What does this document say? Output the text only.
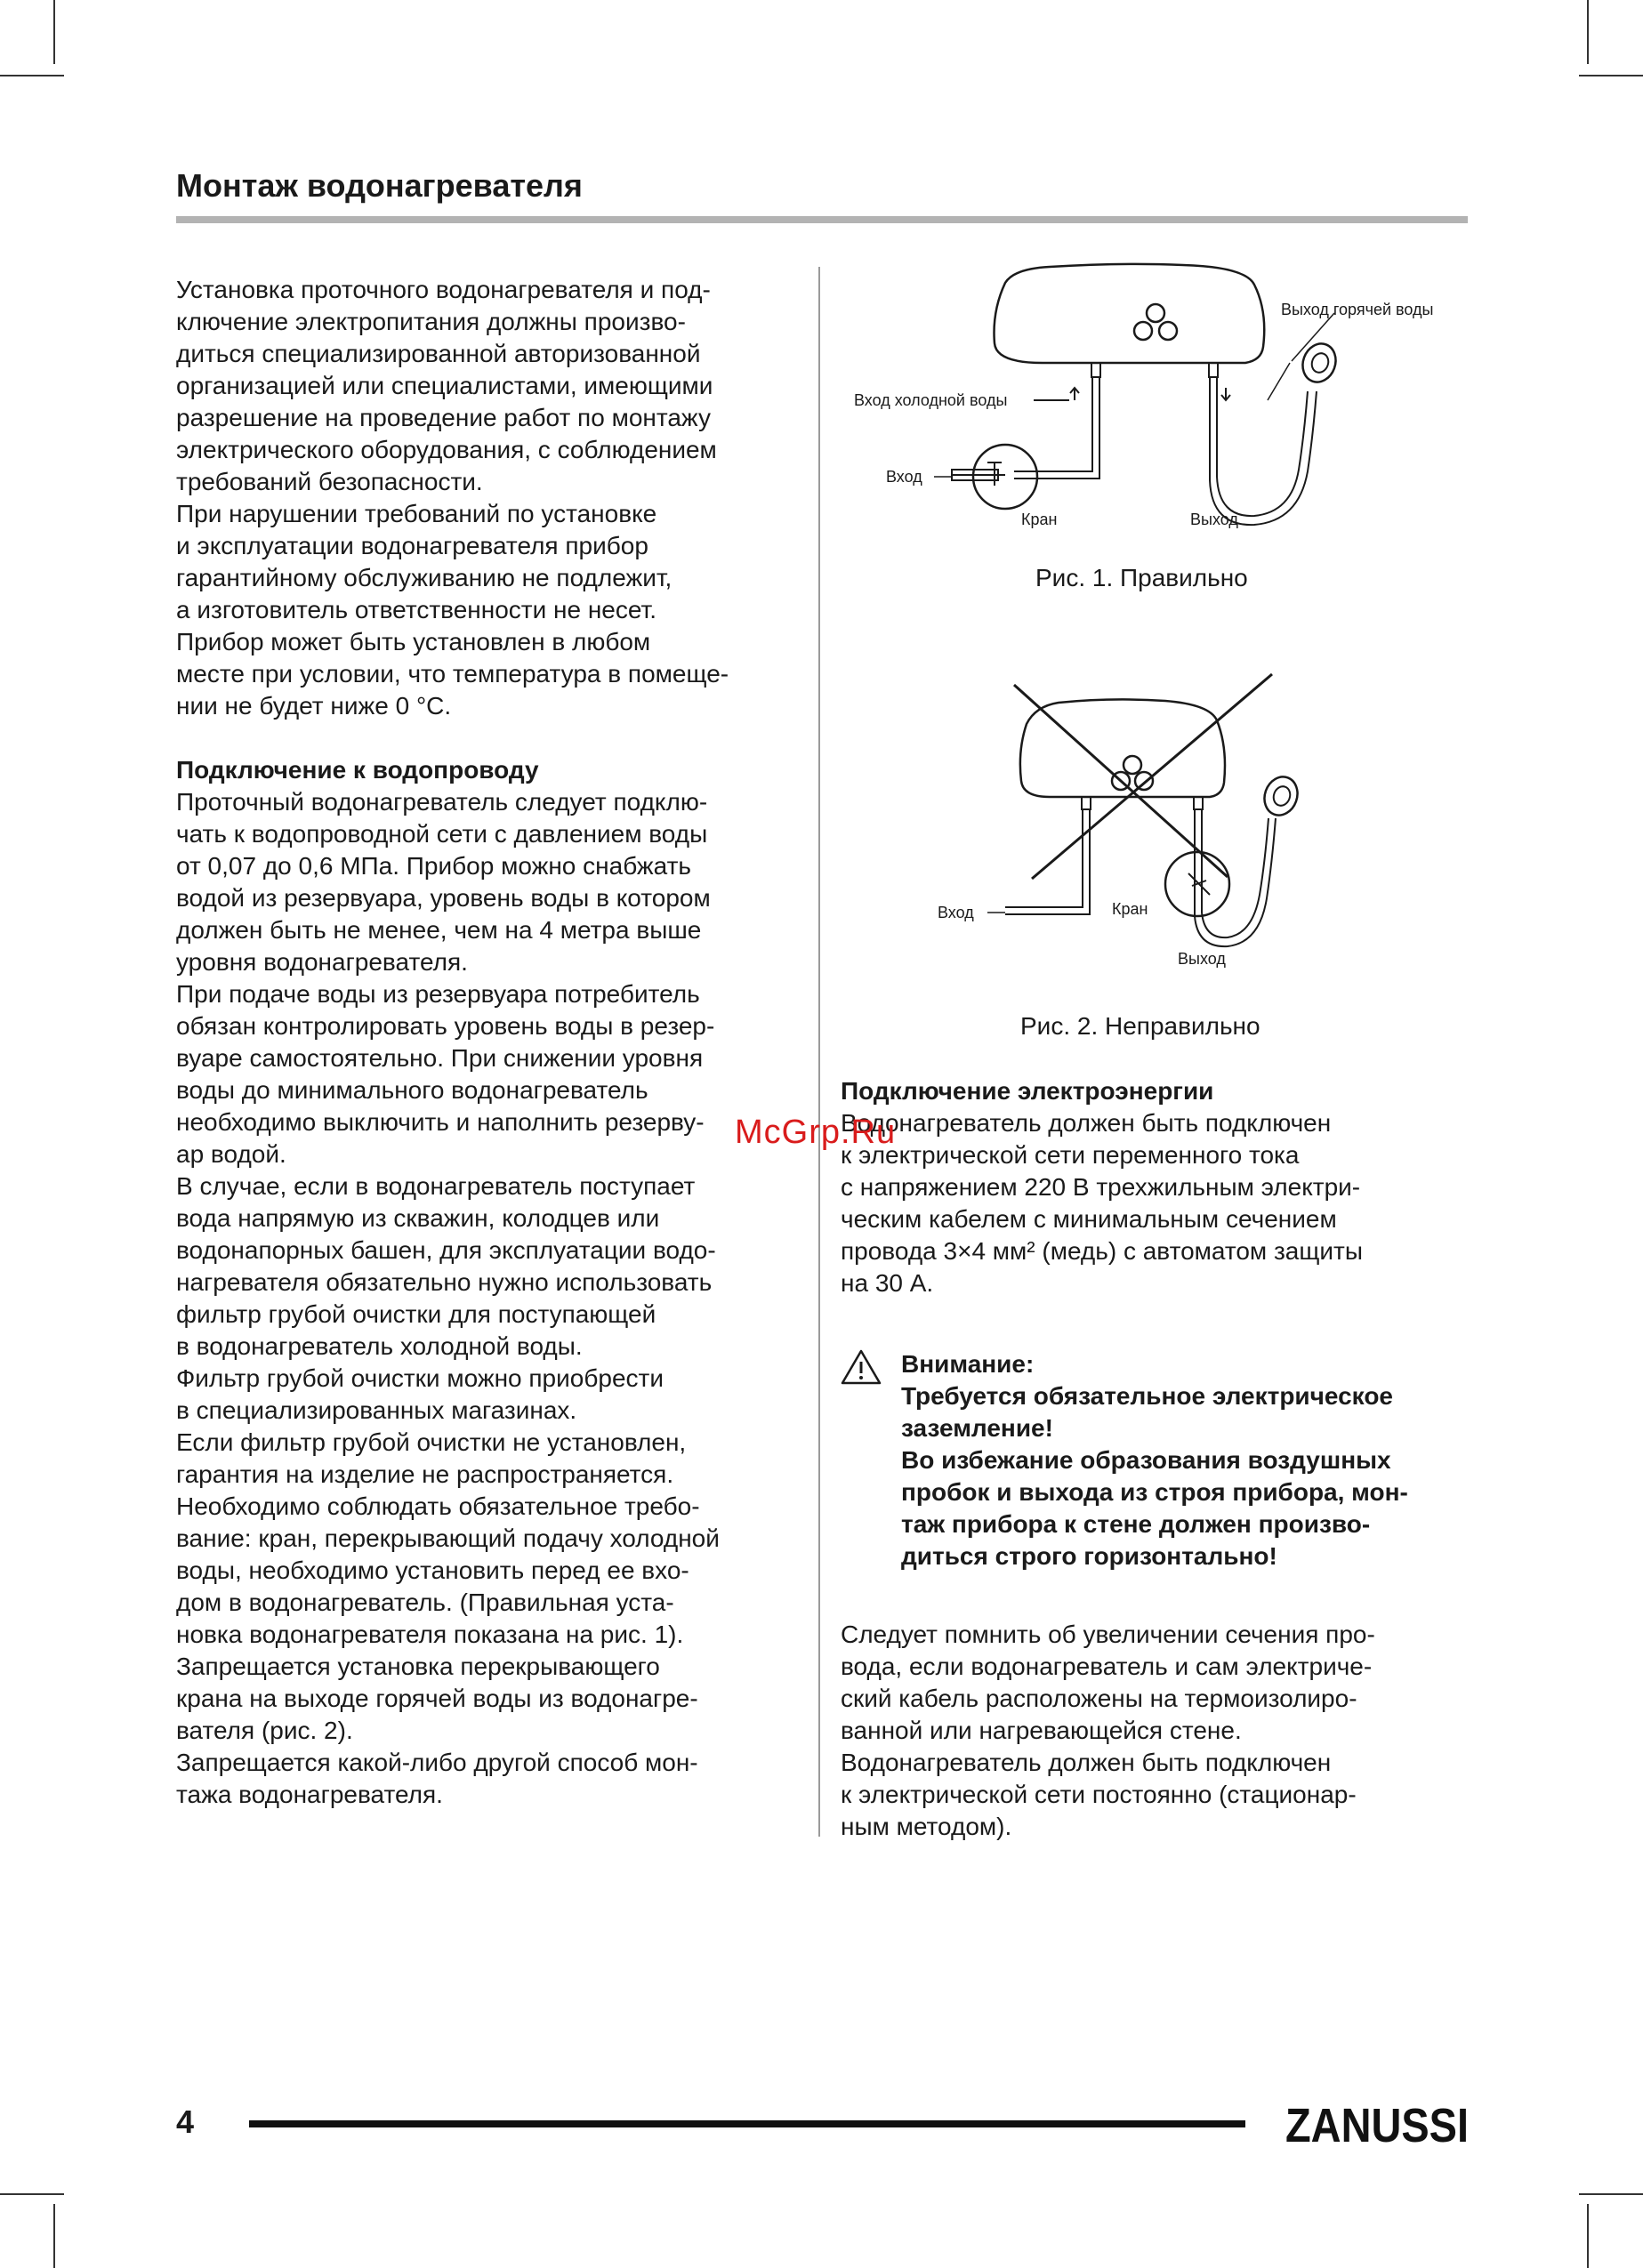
Монтаж водонагревателя

Установка проточного водонагревателя и под-
ключение электропитания должны произво-
диться специализированной авторизованной
организацией или специалистами, имеющими
разрешение на проведение работ по монтажу
электрического оборудования, с соблюдением
требований безопасности.
При нарушении требований по установке
и эксплуатации водонагревателя прибор
гарантийному обслуживанию не подлежит,
а изготовитель ответственности не несет.
Прибор может быть установлен в любом
месте при условии, что температура в помеще-
нии не будет ниже 0 °С.

Подключение к водопроводу

Проточный водонагреватель следует подклю-
чать к водопроводной сети с давлением воды
от 0,07 до 0,6 МПа. Прибор можно снабжать
водой из резервуара, уровень воды в котором
должен быть не менее, чем на 4 метра выше
уровня водонагревателя.
При подаче воды из резервуара потребитель
обязан контролировать уровень воды в резер-
вуаре самостоятельно. При снижении уровня
воды до минимального водонагреватель
необходимо выключить и наполнить резерву-
ар водой.
В случае, если в водонагреватель поступает
вода напрямую из скважин, колодцев или
водонапорных башен, для эксплуатации водо-
нагревателя обязательно нужно использовать
фильтр грубой очистки для поступающей
в водонагреватель холодной воды.
Фильтр грубой очистки можно приобрести
в специализированных магазинах.
Если фильтр грубой очистки не установлен,
гарантия на изделие не распространяется.
Необходимо соблюдать обязательное требо-
вание: кран, перекрывающий подачу холодной
воды, необходимо установить перед ее вхо-
дом в водонагреватель. (Правильная уста-
новка водонагревателя показана на рис. 1).
Запрещается установка перекрывающего
крана на выходе горячей воды из водонагре-
вателя (рис. 2).
Запрещается какой-либо другой способ мон-
тажа водонагревателя.

Выход горячей воды
Вход холодной воды
Вход
Кран	Выход
Рис. 1. Правильно
Вход	Кран
Выход
Рис. 2. Неправильно

Подключение электроэнергии

Водонагреватель должен быть подключен
к электрической сети переменного тока
с напряжением 220 В трехжильным электри-
ческим кабелем с минимальным сечением
провода 3×4 мм² (медь) с автоматом защиты
на 30 А.

Внимание:
Требуется обязательное электрическое
заземление!
Во избежание образования воздушных
пробок и выхода из строя прибора, мон-
таж прибора к стене должен произво-
диться строго горизонтально!
Следует помнить об увеличении сечения про-
вода, если водонагреватель и сам электриче-
ский кабель расположены на термоизолиро-
ванной или нагревающейся стене.
Водонагреватель должен быть подключен
к электрической сети постоянно (стационар-
ным методом).
McGrp.Ru
4	ZANUSSI
